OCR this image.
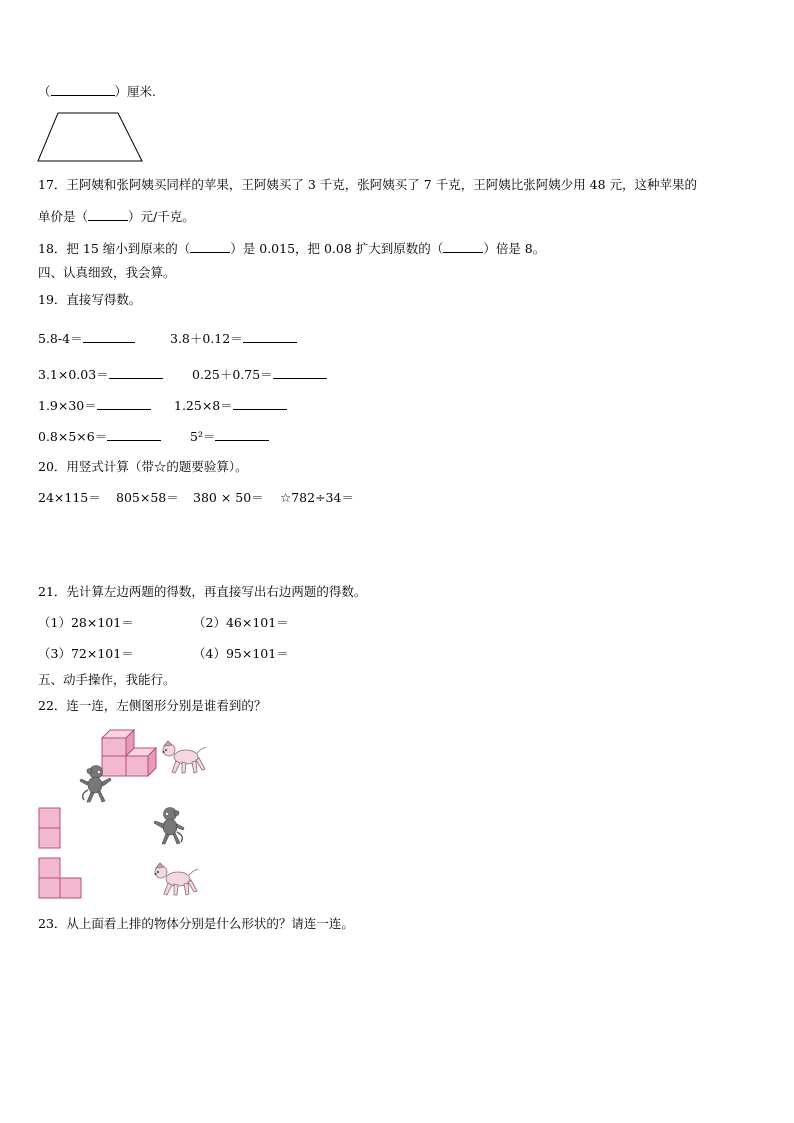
（	）厘米.
17．王阿姨和张阿姨买同样的苹果，王阿姨买了 3 千克，张阿姨买了 7 千克，王阿姨比张阿姨少用 48 元，这种苹果的
单价是（	）元/千克。
18．把 15 缩小到原来的（	）是 0.015，把 0.08 扩大到原数的（	）倍是 8。
四、认真细致，我会算。
19．直接写得数。
5.8-4＝	3.8＋0.12＝
3.1×0.03＝	0.25＋0.75＝
1.9×30＝	1.25×8＝
0.8×5×6＝	5²＝
20．用竖式计算（带☆的题要验算）。
24×115＝ 805×58＝ 380 × 50＝ ☆782÷34＝
21．先计算左边两题的得数，再直接写出右边两题的得数。
（1）28×101＝	（2）46×101＝
（3）72×101＝	（4）95×101＝
五、动手操作，我能行。
22．连一连，左侧图形分别是谁看到的？
23．从上面看上排的物体分别是什么形状的？请连一连。
